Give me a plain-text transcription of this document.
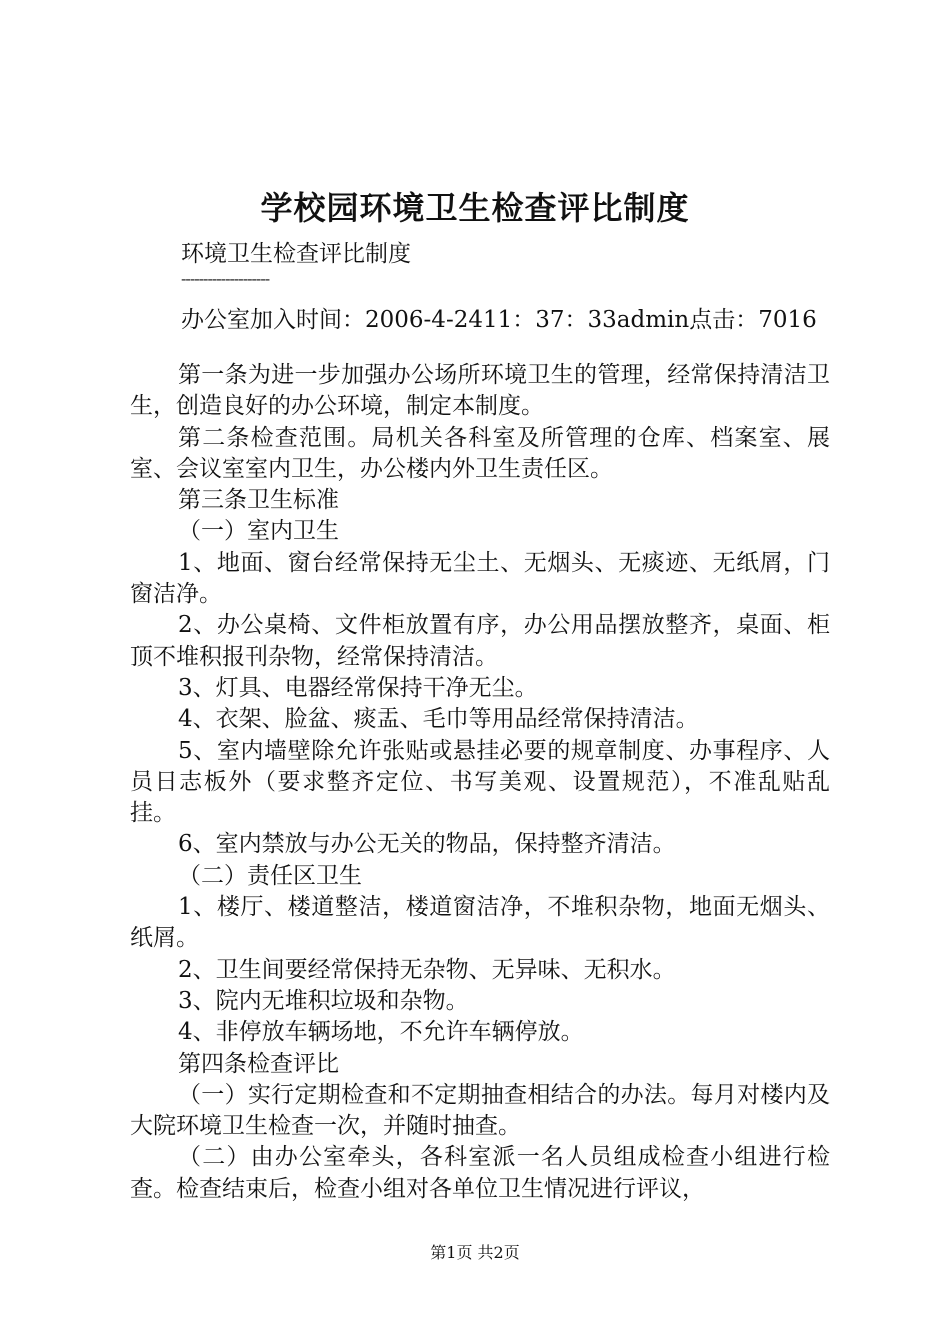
学校园环境卫生检查评比制度
环境卫生检查评比制度
--------------------
办公室加入时间：2006-4-2411：37：33admin点击：7016

第一条为进一步加强办公场所环境卫生的管理，经常保持清洁卫生，创造良好的办公环境，制定本制度。

第二条检查范围。局机关各科室及所管理的仓库、档案室、展室、会议室室内卫生，办公楼内外卫生责任区。

第三条卫生标准

（一）室内卫生

1、地面、窗台经常保持无尘土、无烟头、无痰迹、无纸屑，门窗洁净。

2、办公桌椅、文件柜放置有序，办公用品摆放整齐，桌面、柜顶不堆积报刊杂物，经常保持清洁。

3、灯具、电器经常保持干净无尘。

4、衣架、脸盆、痰盂、毛巾等用品经常保持清洁。

5、室内墙壁除允许张贴或悬挂必要的规章制度、办事程序、人员日志板外（要求整齐定位、书写美观、设置规范），不准乱贴乱挂。

6、室内禁放与办公无关的物品，保持整齐清洁。

（二）责任区卫生

1、楼厅、楼道整洁，楼道窗洁净，不堆积杂物，地面无烟头、纸屑。

2、卫生间要经常保持无杂物、无异味、无积水。

3、院内无堆积垃圾和杂物。

4、非停放车辆场地，不允许车辆停放。

第四条检查评比

（一）实行定期检查和不定期抽查相结合的办法。每月对楼内及大院环境卫生检查一次，并随时抽查。

（二）由办公室牵头，各科室派一名人员组成检查小组进行检查。检查结束后，检查小组对各单位卫生情况进行评议，

第1页 共2页
